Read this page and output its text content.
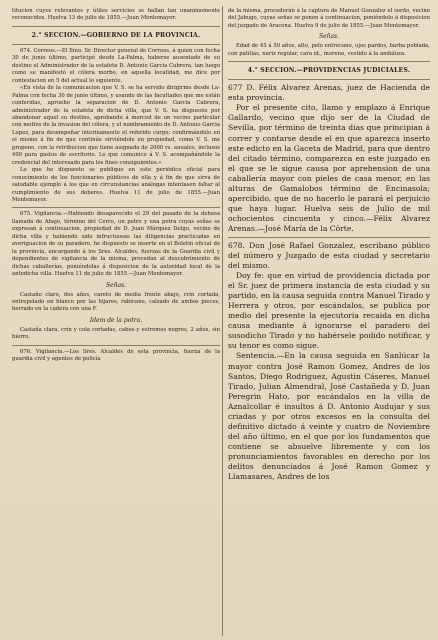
titucion cuyos relevantes y útiles servicios se hallan tan unanimemente reconocidos. Huelva 13 de julio de 1855.—Juan Montemayor.

2.° SECCION.—GOBIERNO DE LA PROVINCIA.

674. Correos.—El Ilmo. Sr. Director general de Correos, á quien con fecha 30 de junio último, participé desde La-Palma, haberse ausentado de su destino el Administrador de la estafeta D. Antonio Garcia Cabrera, tan luego como se manifestó el cólera morbo, en aquella localidad, me dice por contestacion en 5 del actual lo siguiente.

«En vista de la comunicacion que V. S. se ha servido dirigirme desde La-Palma con fecha 30 de junio último, y usando de las facultades que me están conferidas, apruebo la separacion de D. Antonio Garcia Cabrera, administrador de la estafeta de dicha villa, que V. S. ha dispuesto por abandonar aquel su destino, aprobando á merced de un vecino particular con motivo de la invasion del cólera, y el nombramiento de D. Antonio Garcia Lopez, para desempeñar interinamente el referido cargo; confirmándolo en el mismo á fin de que continúe sirviéndole en propiedad, como V. S. me propone, con la retribucion que tiene asignada de 2000 rs. anuales, inclusos 400 para gastos de escritorio. Lo que comunico á V. S. acompañándole la credencial del interesado para los fines consiguientes.»

Lo que he dispuesto se publique en este periódico oficial para conocimiento de los funcionarios públicos de ella y á fin de que sirva de saludable ejemplo á los que en circunstancias análogas intentasen faltar al cumplimiento de sus deberes. Huelva 11 de julio de 1855.—Juan Montemayor.

675. Vigilancia.—Habiendo desaparecido el 29 del pasado de la dehesa llamada de Abajo, término del Cerro, un potro y una potra cuyas señas se expresan á continuacion, propiedad de D. Juan Márquez Delgo, vecino de dicha villa y habiendo sido infructuosas las diligencias practicadas en averiguacion de su paradero, he dispuesto se inserte en el Boletin oficial de la provincia, encargando á los Sres. Alcaldes, fuerzas de la Guardia civil y dependientes de vigilancia de la misma, procedan al descubrimiento de dichas caballerías, poniéndolas á disposicion de la autoridad local de la antedicha villa. Huelva 11 de julio de 1855.—Juan Montemayor.

Señas.

Castaño claro, dos años, careto de media frente abajo, crin cortada, entrepelado en blanco por las hijares, rabicano, calzado de ambos pieces, herrado en la cadera con una F.

Idem de la potra.

Castaña clara, crin y cola cortadas, cabos y estremos negros, 2 años, sin hierro.

676. Vigilancia.—Los Sres. Alcaldes de esta provincia, fuerza de la guardia civil y agentes de policía

de la misma, procederán á la captura de Manuel Gonzalez el sordo, vecino del Jabugo, cuyas señas se ponen á continuacion, poniéndolo á disposicion del juzgado de Aracena. Huelva 9 de julio de 1855.—Juan Montemayor.

Señas.

Edad de 45 á 50 años, alto, pelo entrecano, ojos pardos, barba poblada, con patillas, nariz regular, cara id., moreno, vestido á la andaluza.

4.° SECCION.—PROVIDENCIAS JUDICIALES.

677 D. Félix Alvarez Arenas, juez de Hacienda de esta provincia.

Por el presente cito, llamo y emplazo á Enrique Gallardo, vecino que dijo ser de la Ciudad de Sevilla, por término de treinta dias que principian á correr y contarse desde el en que aparezca inserto este edicto en la Gaceta de Madrid, para que dentro del citado término, comparezca en este juzgado en el que se le sigue causa por aprehension de una caballería mayor con pieles de casa menor, en las alturas de Gamalobos término de Encinasola; apercibido, que de no hacerlo le parará el perjuicio que haya lugar. Huelva seis de Julio de mil ochocientos cincuenta y cinco.—Félix Alvarez Arenas.—José María de la Côrte.

678. Don José Rafael Gonzalez, escribano público del número y Juzgado de esta ciudad y secretario del mismo.

Doy fe: que en virtud de providencia dictada por el Sr. juez de primera instancia de esta ciudad y su partido, en la causa seguida contra Manuel Tirado y Herrera y otros, por escándalos, se publica por medio del presente la ejecutoria recaida en dicha causa mediante á ignorarse el paradero del susodicho Tirado y no habérsele podido notificar, y su tenor es como sigue.

Sentencia.—En la causa seguida en Sanlúcar la mayor contra José Ramon Gomez, Andres de los Santos, Diego Rodriguez, Agustin Cáseres, Manuel Tirado, Julian Almendral, José Castañeda y D. Juan Peregrin Hato, por escándalos en la villa de Aznalcollar é insultos á D. Antonio Audujar y sus criadas y por otros excesos en la consulta del definitivo dictado á veinte y cuatro de Noviembre del año último, en el que por los fundamentos que contiene se absuelve libremente y con los pronunciamientos favorables en derecho por los delitos denunciados á José Ramon Gomez y Llamasares, Andres de los
